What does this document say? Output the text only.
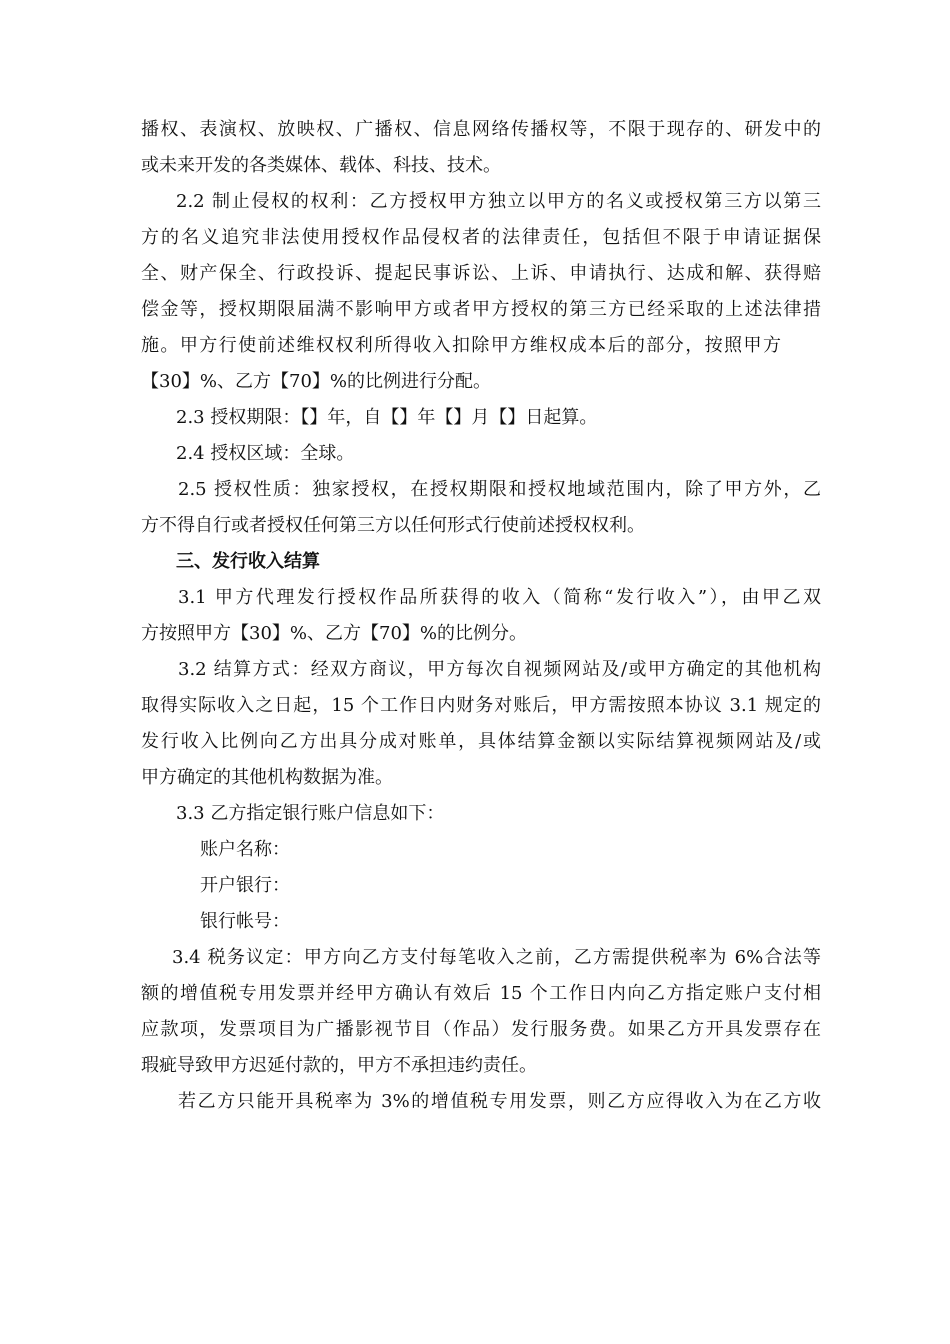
播权、表演权、放映权、广播权、信息网络传播权等，不限于现存的、研发中的
或未来开发的各类媒体、载体、科技、技术。
2.2 制止侵权的权利：乙方授权甲方独立以甲方的名义或授权第三方以第三
方的名义追究非法使用授权作品侵权者的法律责任，包括但不限于申请证据保
全、财产保全、行政投诉、提起民事诉讼、上诉、申请执行、达成和解、获得赔
偿金等，授权期限届满不影响甲方或者甲方授权的第三方已经采取的上述法律措
施。甲方行使前述维权权利所得收入扣除甲方维权成本后的部分，按照甲方
【30】%、乙方【70】%的比例进行分配。
2.3 授权期限：【】年，自【】年【】月【】日起算。
2.4 授权区域：全球。
2.5 授权性质：独家授权，在授权期限和授权地域范围内，除了甲方外，乙
方不得自行或者授权任何第三方以任何形式行使前述授权权利。
三、发行收入结算
3.1 甲方代理发行授权作品所获得的收入（简称“发行收入”），由甲乙双
方按照甲方【30】%、乙方【70】%的比例分。
3.2 结算方式：经双方商议，甲方每次自视频网站及/或甲方确定的其他机构
取得实际收入之日起，15 个工作日内财务对账后，甲方需按照本协议 3.1 规定的
发行收入比例向乙方出具分成对账单，具体结算金额以实际结算视频网站及/或
甲方确定的其他机构数据为准。
3.3 乙方指定银行账户信息如下：
账户名称：
开户银行：
银行帐号：
3.4 税务议定：甲方向乙方支付每笔收入之前，乙方需提供税率为 6%合法等
额的增值税专用发票并经甲方确认有效后 15 个工作日内向乙方指定账户支付相
应款项，发票项目为广播影视节目（作品）发行服务费。如果乙方开具发票存在
瑕疵导致甲方迟延付款的，甲方不承担违约责任。
若乙方只能开具税率为 3%的增值税专用发票，则乙方应得收入为在乙方收
